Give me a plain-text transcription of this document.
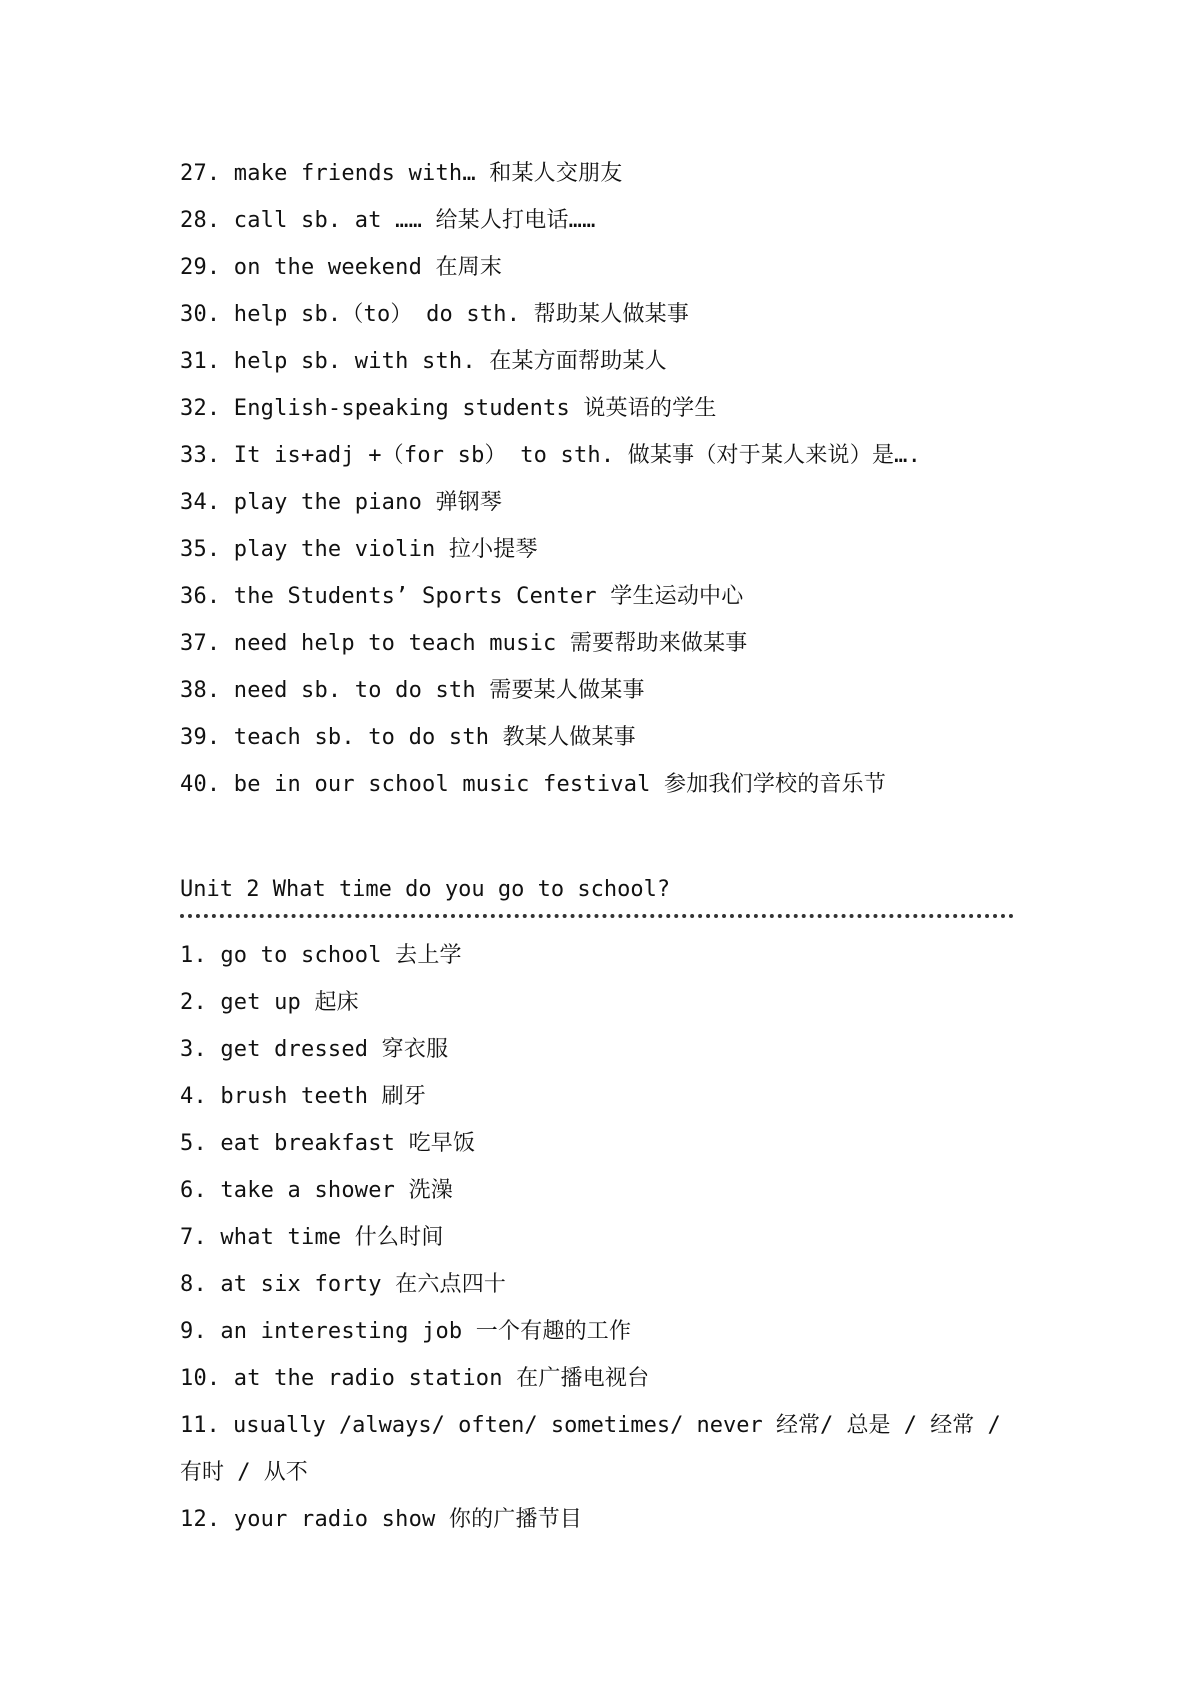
27. make friends with… 和某人交朋友
28. call sb. at …… 给某人打电话……
29. on the weekend 在周末
30. help sb.（to） do sth. 帮助某人做某事
31. help sb. with sth. 在某方面帮助某人
32. English-speaking students 说英语的学生
33. It is+adj +（for sb） to sth. 做某事（对于某人来说）是….
34. play the piano 弹钢琴
35. play the violin 拉小提琴
36. the Students’ Sports Center 学生运动中心
37. need help to teach music 需要帮助来做某事
38. need sb. to do sth 需要某人做某事
39. teach sb. to do sth 教某人做某事
40. be in our school music festival 参加我们学校的音乐节
Unit 2 What time do you go to school?
1. go to school 去上学
2. get up 起床
3. get dressed 穿衣服
4. brush teeth 刷牙
5. eat breakfast 吃早饭
6. take a shower 洗澡
7. what time 什么时间
8. at six forty 在六点四十
9. an interesting job 一个有趣的工作
10. at the radio station 在广播电视台
11. usually /always/ often/ sometimes/ never 经常/ 总是 / 经常 /有时 / 从不
12. your radio show 你的广播节目
